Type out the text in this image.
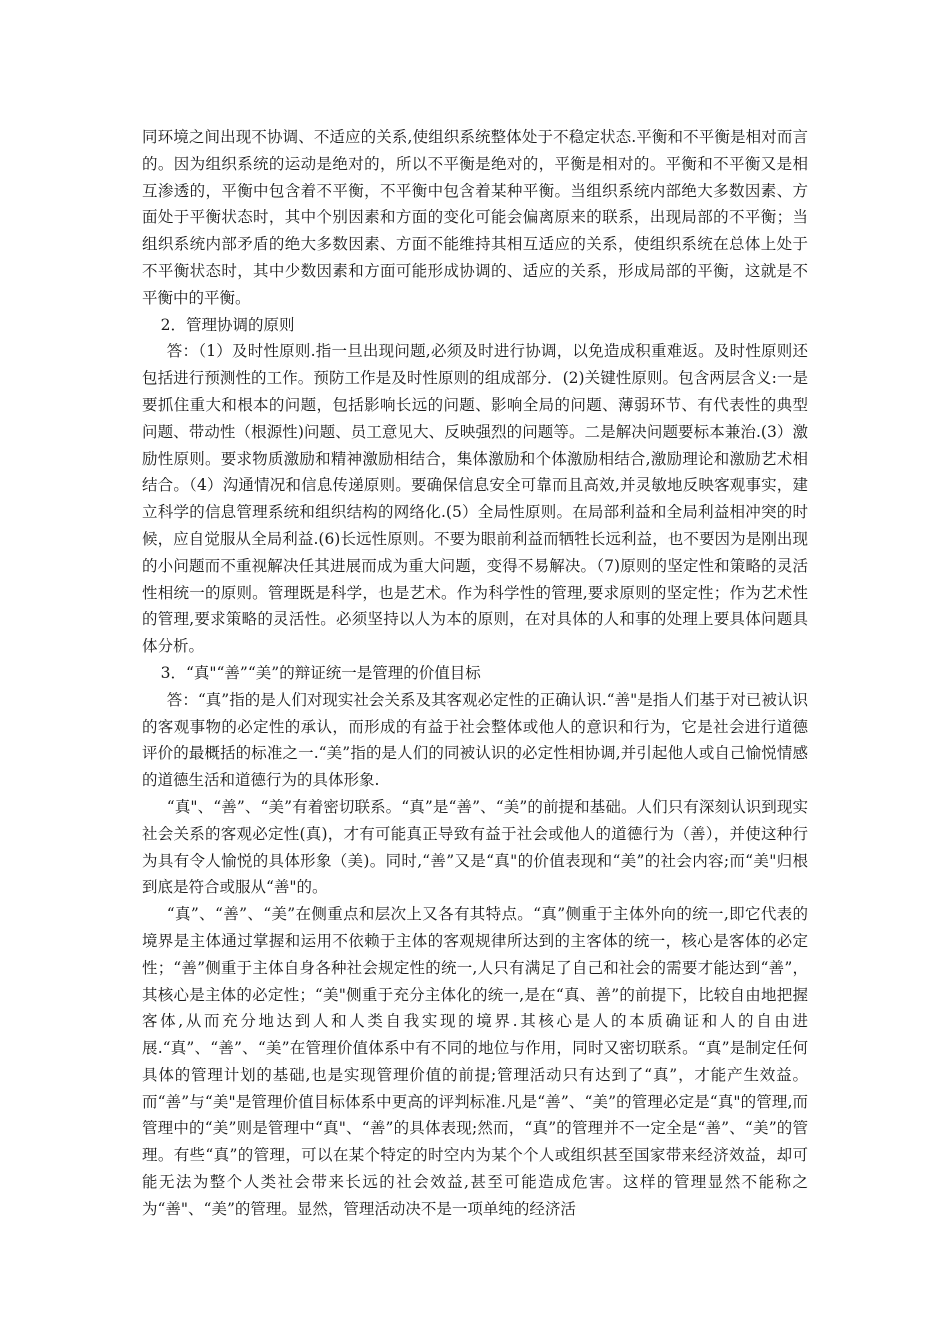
同环境之间出现不协调、不适应的关系,使组织系统整体处于不稳定状态.平衡和不平衡是相对而言的。因为组织系统的运动是绝对的，所以不平衡是绝对的，平衡是相对的。平衡和不平衡又是相互渗透的，平衡中包含着不平衡，不平衡中包含着某种平衡。当组织系统内部绝大多数因素、方面处于平衡状态时，其中个别因素和方面的变化可能会偏离原来的联系，出现局部的不平衡；当组织系统内部矛盾的绝大多数因素、方面不能维持其相互适应的关系，使组织系统在总体上处于不平衡状态时，其中少数因素和方面可能形成协调的、适应的关系，形成局部的平衡，这就是不平衡中的平衡。

2．管理协调的原则

答：（1）及时性原则.指一旦出现问题,必须及时进行协调，以免造成积重难返。及时性原则还包括进行预测性的工作。预防工作是及时性原则的组成部分．(2)关键性原则。包含两层含义:一是要抓住重大和根本的问题，包括影响长远的问题、影响全局的问题、薄弱环节、有代表性的典型问题、带动性（根源性)问题、员工意见大、反映强烈的问题等。二是解决问题要标本兼治.(3）激励性原则。要求物质激励和精神激励相结合，集体激励和个体激励相结合,激励理论和激励艺术相结合。（4）沟通情况和信息传递原则。要确保信息安全可靠而且高效,并灵敏地反映客观事实，建立科学的信息管理系统和组织结构的网络化.(5）全局性原则。在局部利益和全局利益相冲突的时候，应自觉服从全局利益.(6)长远性原则。不要为眼前利益而牺牲长远利益，也不要因为是刚出现的小问题而不重视解决任其进展而成为重大问题，变得不易解决。（7)原则的坚定性和策略的灵活性相统一的原则。管理既是科学，也是艺术。作为科学性的管理,要求原则的坚定性；作为艺术性的管理,要求策略的灵活性。必须坚持以人为本的原则，在对具体的人和事的处理上要具体问题具体分析。

3．“真"“善”“美”的辩证统一是管理的价值目标

答：“真”指的是人们对现实社会关系及其客观必定性的正确认识.“善"是指人们基于对已被认识的客观事物的必定性的承认，而形成的有益于社会整体或他人的意识和行为，它是社会进行道德评价的最概括的标准之一.“美”指的是人们的同被认识的必定性相协调,并引起他人或自己愉悦情感的道德生活和道德行为的具体形象.

“真"、“善”、“美”有着密切联系。“真”是“善”、“美”的前提和基础。人们只有深刻认识到现实社会关系的客观必定性(真)，才有可能真正导致有益于社会或他人的道德行为（善），并使这种行为具有令人愉悦的具体形象（美)。同时,“善”又是“真"的价值表现和“美”的社会内容;而“美"归根到底是符合或服从“善"的。

“真”、“善”、“美”在侧重点和层次上又各有其特点。“真”侧重于主体外向的统一,即它代表的境界是主体通过掌握和运用不依赖于主体的客观规律所达到的主客体的统一，核心是客体的必定性；“善”侧重于主体自身各种社会规定性的统一,人只有满足了自己和社会的需要才能达到“善”，其核心是主体的必定性；“美"侧重于充分主体化的统一,是在“真、善”的前提下，比较自由地把握客体,从而充分地达到人和人类自我实现的境界.其核心是人的本质确证和人的自由进展.“真”、“善”、“美”在管理价值体系中有不同的地位与作用，同时又密切联系。“真”是制定任何具体的管理计划的基础,也是实现管理价值的前提;管理活动只有达到了“真”，才能产生效益。而“善”与“美"是管理价值目标体系中更高的评判标准.凡是“善”、“美”的管理必定是“真"的管理,而管理中的“美”则是管理中“真"、“善”的具体表现;然而，“真”的管理并不一定全是“善”、“美”的管理。有些“真”的管理，可以在某个特定的时空内为某个个人或组织甚至国家带来经济效益，却可能无法为整个人类社会带来长远的社会效益,甚至可能造成危害。这样的管理显然不能称之为“善"、“美”的管理。显然，管理活动决不是一项单纯的经济活
